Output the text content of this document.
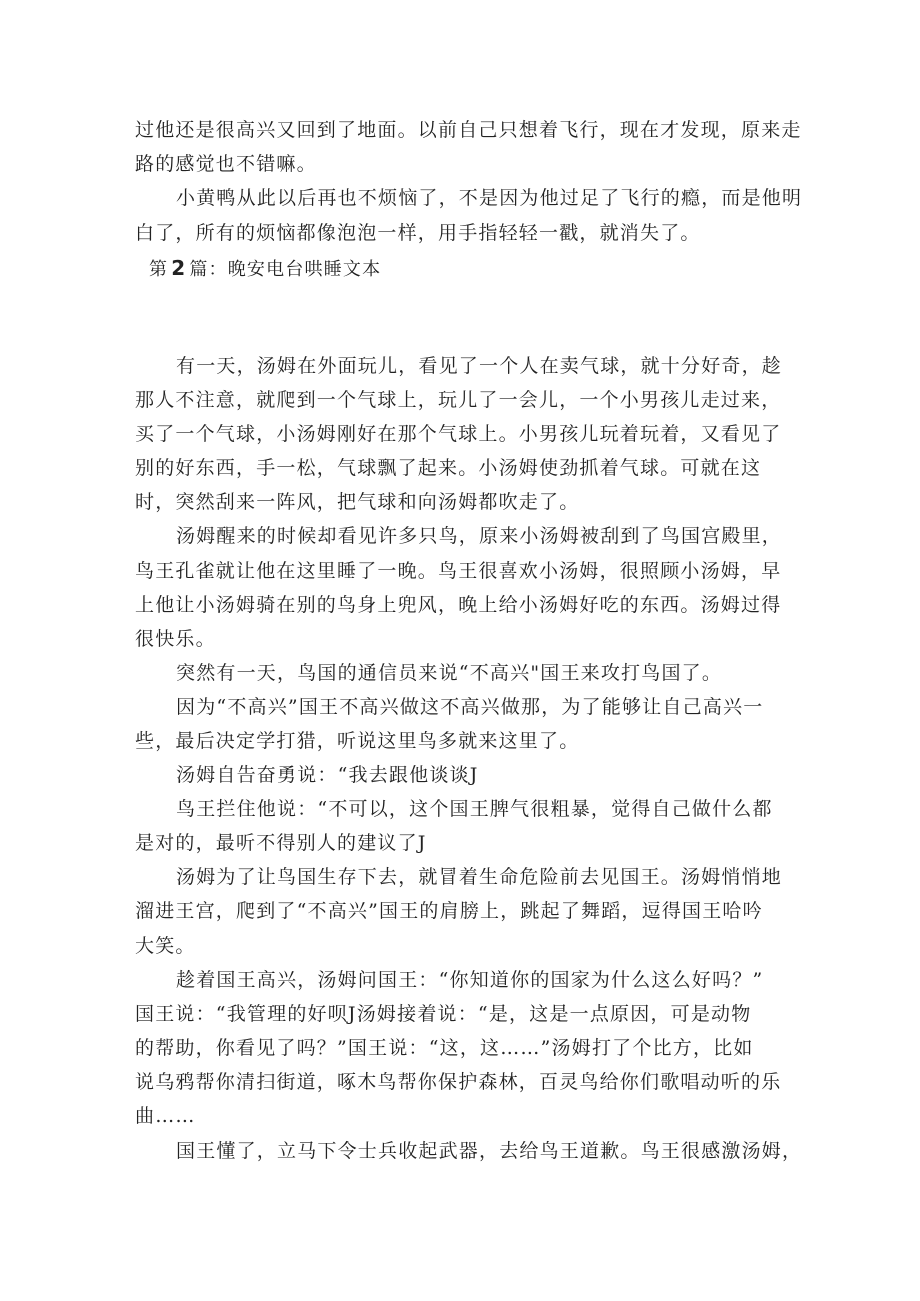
过他还是很高兴又回到了地面。以前自己只想着飞行，现在才发现，原来走
路的感觉也不错嘛。
小黄鸭从此以后再也不烦恼了，不是因为他过足了飞行的瘾，而是他明
白了，所有的烦恼都像泡泡一样，用手指轻轻一戳，就消失了。
第 2 篇：晚安电台哄睡文本
有一天，汤姆在外面玩儿，看见了一个人在卖气球，就十分好奇，趁
那人不注意，就爬到一个气球上，玩儿了一会儿，一个小男孩儿走过来，
买了一个气球，小汤姆刚好在那个气球上。小男孩儿玩着玩着，又看见了
别的好东西，手一松，气球飘了起来。小汤姆使劲抓着气球。可就在这
时，突然刮来一阵风，把气球和向汤姆都吹走了。
汤姆醒来的时候却看见许多只鸟，原来小汤姆被刮到了鸟国宫殿里，
鸟王孔雀就让他在这里睡了一晚。鸟王很喜欢小汤姆，很照顾小汤姆，早
上他让小汤姆骑在别的鸟身上兜风，晚上给小汤姆好吃的东西。汤姆过得
很快乐。
突然有一天，鸟国的通信员来说“不高兴"国王来攻打鸟国了。
因为“不高兴”国王不高兴做这不高兴做那，为了能够让自己高兴一
些，最后决定学打猎，听说这里鸟多就来这里了。
汤姆自告奋勇说：“我去跟他谈谈J
鸟王拦住他说：“不可以，这个国王脾气很粗暴，觉得自己做什么都
是对的，最听不得别人的建议了J
汤姆为了让鸟国生存下去，就冒着生命危险前去见国王。汤姆悄悄地
溜进王宫，爬到了“不高兴”国王的肩膀上，跳起了舞蹈，逗得国王哈吟
大笑。
趁着国王高兴，汤姆问国王：“你知道你的国家为什么这么好吗？”
国王说：“我管理的好呗J汤姆接着说：“是，这是一点原因，可是动物
的帮助，你看见了吗？”国王说：“这，这……”汤姆打了个比方，比如
说乌鸦帮你清扫街道，啄木鸟帮你保护森林，百灵鸟给你们歌唱动听的乐
曲……
国王懂了，立马下令士兵收起武器，去给鸟王道歉。鸟王很感激汤姆，
